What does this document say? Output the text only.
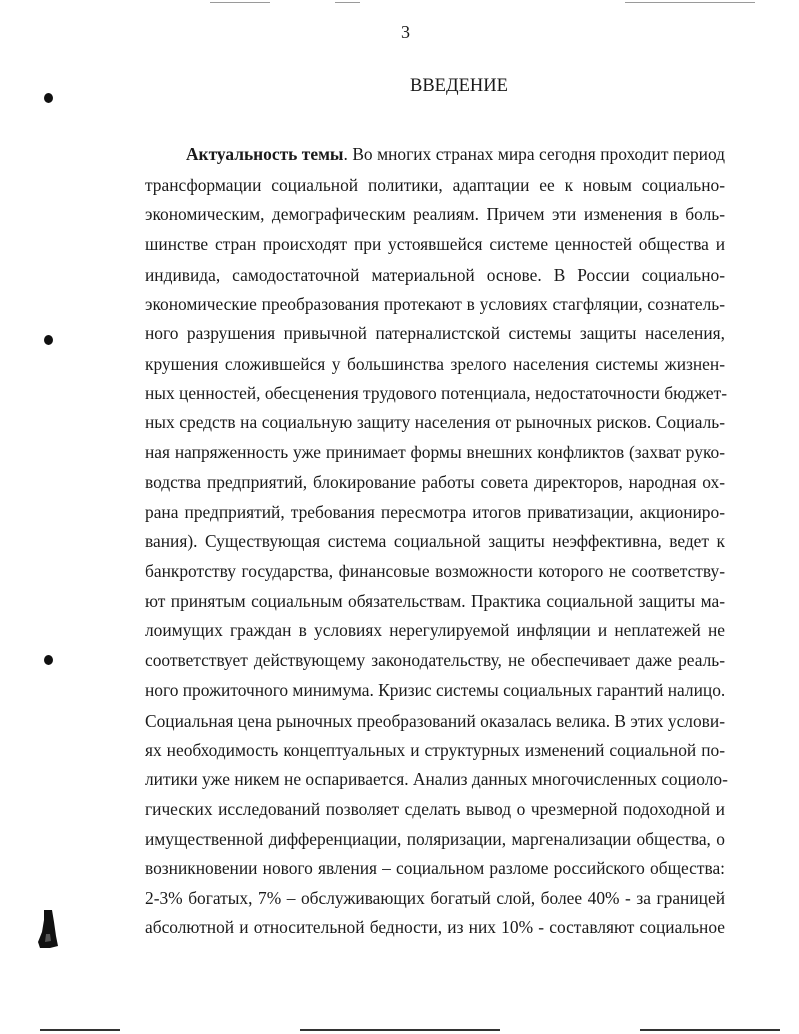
3
ВВЕДЕНИЕ
Актуальность темы. Во многих странах мира сегодня проходит период
трансформации социальной политики, адаптации ее к новым социально-
экономическим, демографическим реалиям. Причем эти изменения в боль-
шинстве стран происходят при устоявшейся системе ценностей общества и
индивида, самодостаточной материальной основе. В России социально-
экономические преобразования протекают в условиях стагфляции, сознатель-
ного разрушения привычной патерналистской системы защиты населения,
крушения сложившейся у большинства зрелого населения системы жизнен-
ных ценностей, обесценения трудового потенциала, недостаточности бюджет-
ных средств на социальную защиту населения от рыночных рисков. Социаль-
ная напряженность уже принимает формы внешних конфликтов (захват руко-
водства предприятий, блокирование работы совета директоров, народная ох-
рана предприятий, требования пересмотра итогов приватизации, акциониро-
вания). Существующая система социальной защиты неэффективна, ведет к
банкротству государства, финансовые возможности которого не соответству-
ют принятым социальным обязательствам. Практика социальной защиты ма-
лоимущих граждан в условиях нерегулируемой инфляции и неплатежей не
соответствует действующему законодательству, не обеспечивает даже реаль-
ного прожиточного минимума. Кризис системы социальных гарантий налицо.
Социальная цена рыночных преобразований оказалась велика. В этих услови-
ях необходимость концептуальных и структурных изменений социальной по-
литики уже никем не оспаривается. Анализ данных многочисленных социоло-
гических исследований позволяет сделать вывод о чрезмерной подоходной и
имущественной дифференциации, поляризации, маргенализации общества, о
возникновении нового явления – социальном разломе российского общества:
2-3% богатых, 7% – обслуживающих богатый слой, более 40% - за границей
абсолютной и относительной бедности, из них 10% - составляют социальное
